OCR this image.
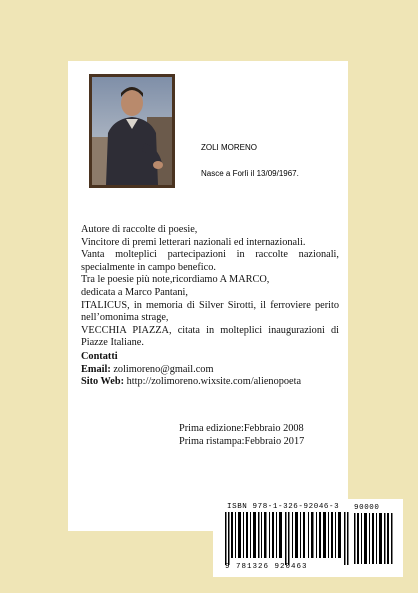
ZOLI MORENO
Nasce a Forlì il 13/09/1967.

Autore di raccolte di poesie,

Vincitore di premi letterari nazionali ed internazionali.

Vanta molteplici partecipazioni in raccolte nazionali, specialmente in campo benefico.

Tra le poesie più note,ricordiamo A MARCO,

dedicata a Marco Pantani,

ITALICUS, in memoria di Silver Sirotti, il ferroviere perito nell’omonima strage,

VECCHIA PIAZZA, citata in molteplici inaugurazioni di Piazze Italiane.

Contatti

Email: zolimoreno@gmail.com

Sito Web: http://zolimoreno.wixsite.com/alienopoeta

Prima edizione:Febbraio 2008

Prima ristampa:Febbraio 2017

ISBN 978-1-326-92046-3 90000
9 781326 920463
